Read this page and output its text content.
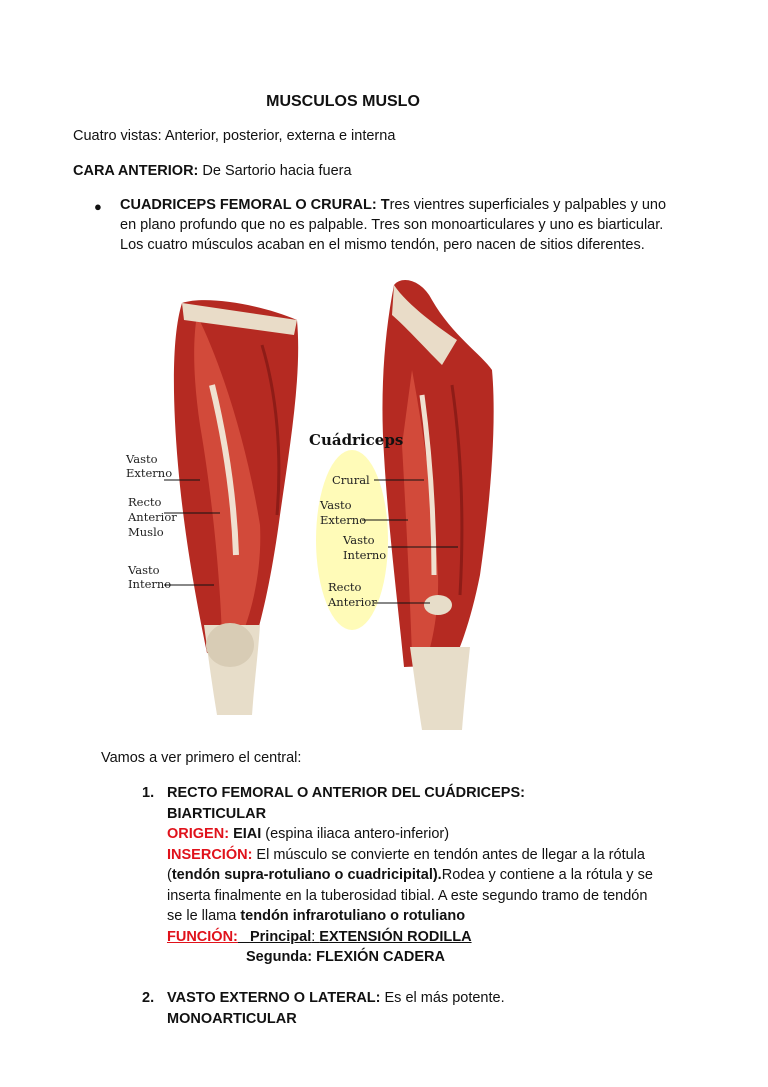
MUSCULOS MUSLO
Cuatro vistas: Anterior, posterior, externa e interna
CARA ANTERIOR: De Sartorio hacia fuera
● CUADRICEPS FEMORAL O CRURAL: Tres vientres superficiales y palpables y uno en plano profundo que no es palpable. Tres son monoarticulares y uno es biarticular. Los cuatro músculos acaban en el mismo tendón, pero nacen de sitios diferentes.
Cuádriceps
Vasto
Externo
Recto
Anterior
Muslo
Vasto
Interno
Crural
Vasto
Externo
Vasto
Interno
Recto
Anterior
Vamos a ver primero el central:
1. RECTO FEMORAL O ANTERIOR DEL CUÁDRICEPS:
BIARTICULAR
ORIGEN: EIAI (espina iliaca antero-inferior)
INSERCIÓN: El músculo se convierte en tendón antes de llegar a la rótula (tendón supra-rotuliano o cuadricipital).Rodea y contiene a la rótula y se inserta finalmente en la tuberosidad tibial. A este segundo tramo de tendón se le llama tendón infrarotuliano o rotuliano
FUNCIÓN: Principal: EXTENSIÓN RODILLA
Segunda: FLEXIÓN CADERA
2. VASTO EXTERNO O LATERAL: Es el más potente.
MONOARTICULAR
